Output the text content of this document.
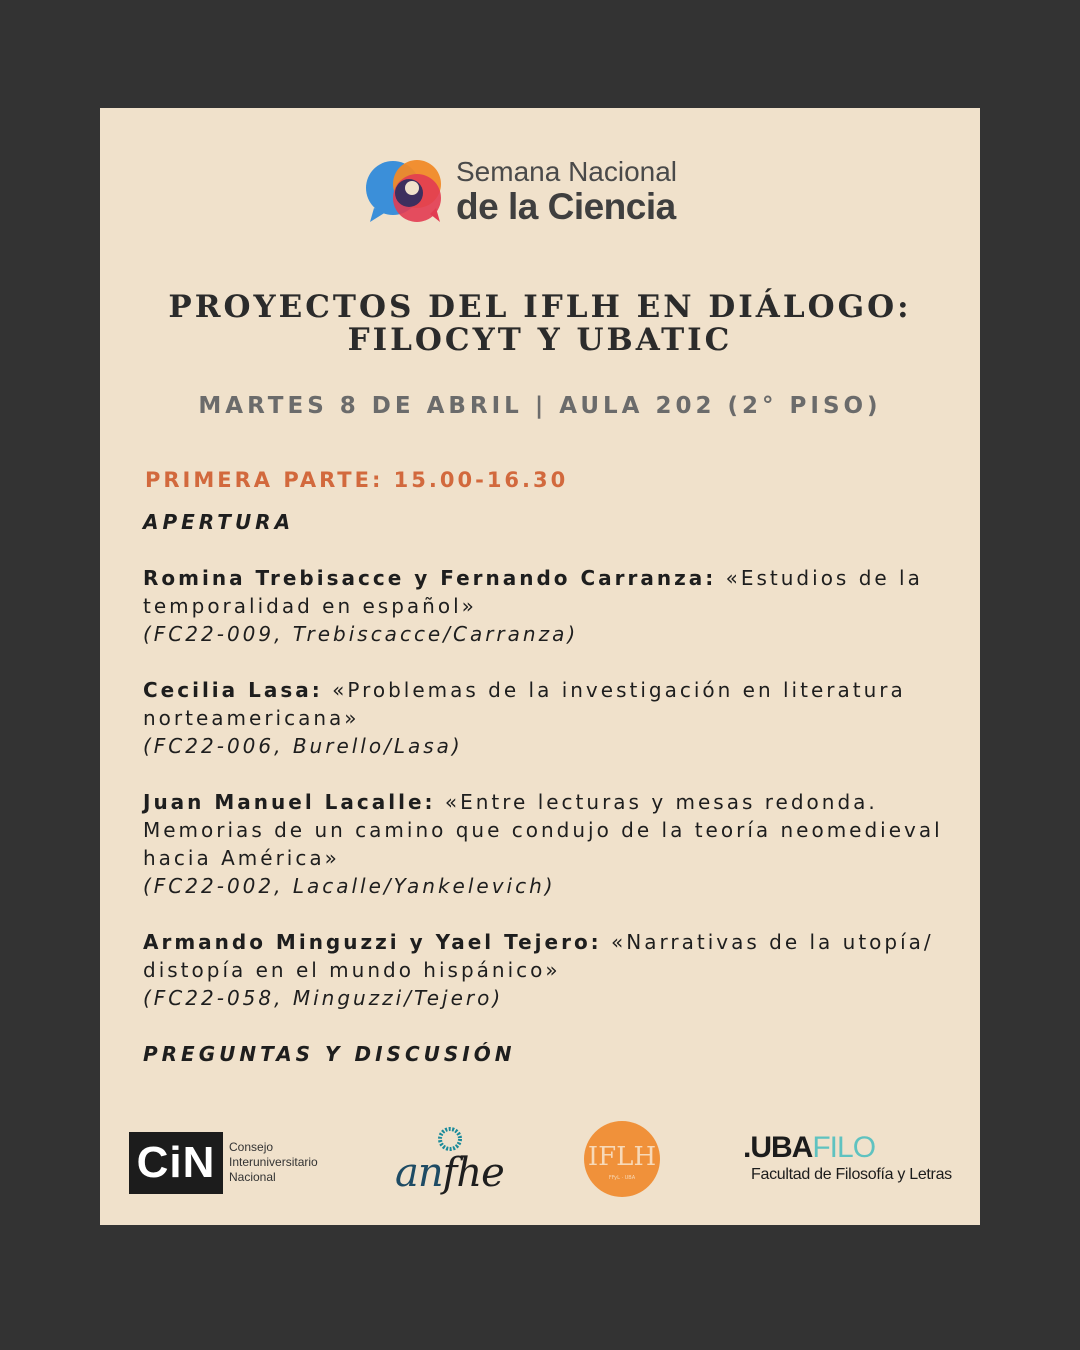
Semana Nacional
de la Ciencia
PROYECTOS DEL IFLH EN DIÁLOGO:
FILOCYT Y UBATIC
MARTES 8 DE ABRIL | AULA 202 (2° PISO)
PRIMERA PARTE: 15.00-16.30
APERTURA
Romina Trebisacce y Fernando Carranza: «Estudios de la temporalidad en español»
(FC22-009, Trebiscacce/Carranza)
Cecilia Lasa: «Problemas de la investigación en literatura norteamericana»
(FC22-006, Burello/Lasa)
Juan Manuel Lacalle: «Entre lecturas y mesas redonda. Memorias de un camino que condujo de la teoría neomedieval hacia América»
(FC22-002, Lacalle/Yankelevich)
Armando Minguzzi y Yael Tejero: «Narrativas de la utopía/ distopía en el mundo hispánico»
(FC22-058, Minguzzi/Tejero)
PREGUNTAS Y DISCUSIÓN
CiN	Consejo
Interuniversitario
Nacional	anfhe	IFLH
FFyL · UBA
.UBAFILO
Facultad de Filosofía y Letras
